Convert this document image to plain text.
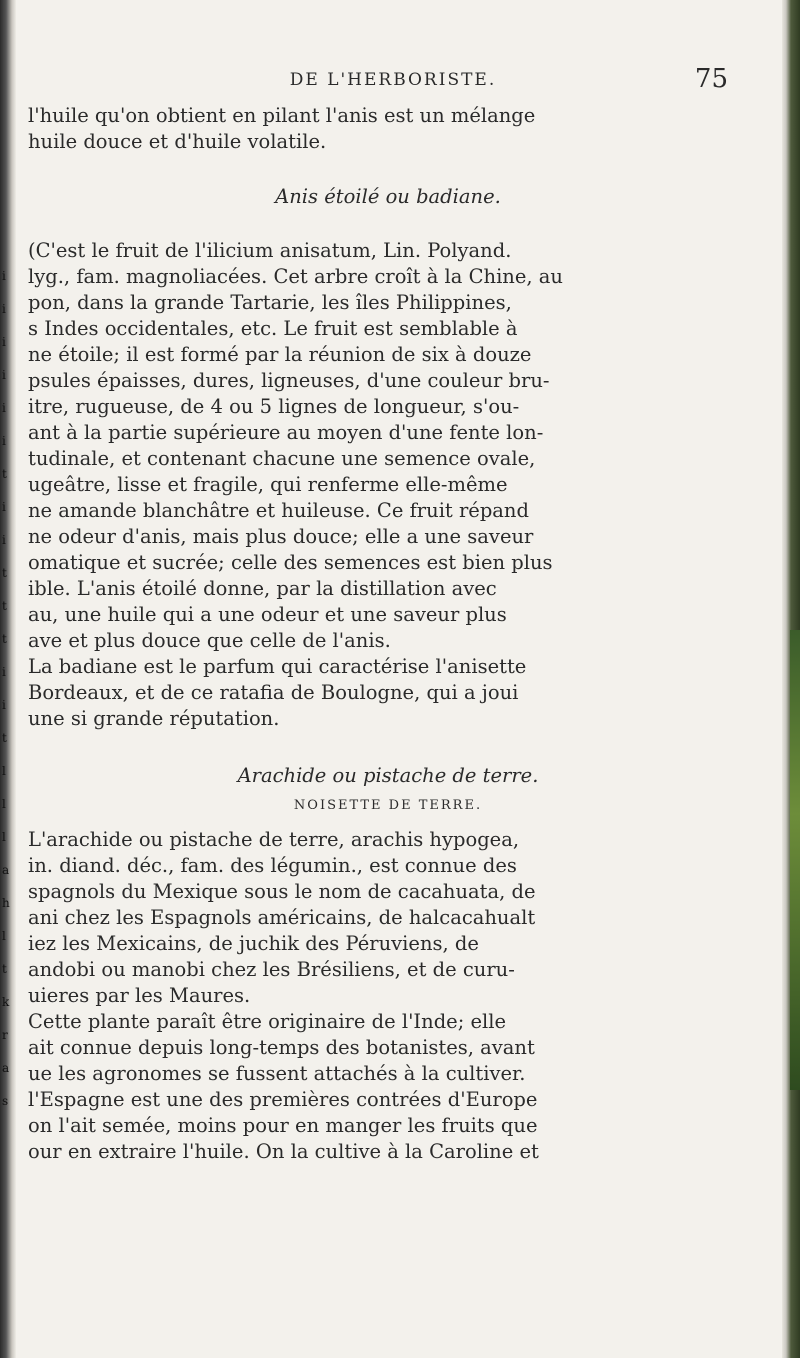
i
i
i
i
i
i
t
i
i
t
t
t
i
i
t
l
l
l
a
h
l
t
k
r
a
s
DE L'HERBORISTE.	75
l'huile qu'on obtient en pilant l'anis est un mélange
huile douce et d'huile volatile.
Anis étoilé ou badiane.
(C'est le fruit de l'ilicium anisatum, Lin. Polyand.
lyg., fam. magnoliacées. Cet arbre croît à la Chine, au
pon, dans la grande Tartarie, les îles Philippines,
s Indes occidentales, etc. Le fruit est semblable à
ne étoile; il est formé par la réunion de six à douze
psules épaisses, dures, ligneuses, d'une couleur bru-
itre, rugueuse, de 4 ou 5 lignes de longueur, s'ou-
ant à la partie supérieure au moyen d'une fente lon-
tudinale, et contenant chacune une semence ovale,
ugeâtre, lisse et fragile, qui renferme elle-même
ne amande blanchâtre et huileuse. Ce fruit répand
ne odeur d'anis, mais plus douce; elle a une saveur
omatique et sucrée; celle des semences est bien plus
ible. L'anis étoilé donne, par la distillation avec
au, une huile qui a une odeur et une saveur plus
ave et plus douce que celle de l'anis.
La badiane est le parfum qui caractérise l'anisette
Bordeaux, et de ce ratafia de Boulogne, qui a joui
une si grande réputation.
Arachide ou pistache de terre.
NOISETTE DE TERRE.
L'arachide ou pistache de terre, arachis hypogea,
in. diand. déc., fam. des légumin., est connue des
spagnols du Mexique sous le nom de cacahuata, de
ani chez les Espagnols américains, de halcacahualt
iez les Mexicains, de juchik des Péruviens, de
andobi ou manobi chez les Brésiliens, et de curu-
uieres par les Maures.
Cette plante paraît être originaire de l'Inde; elle
ait connue depuis long-temps des botanistes, avant
ue les agronomes se fussent attachés à la cultiver.
l'Espagne est une des premières contrées d'Europe
on l'ait semée, moins pour en manger les fruits que
our en extraire l'huile. On la cultive à la Caroline et
